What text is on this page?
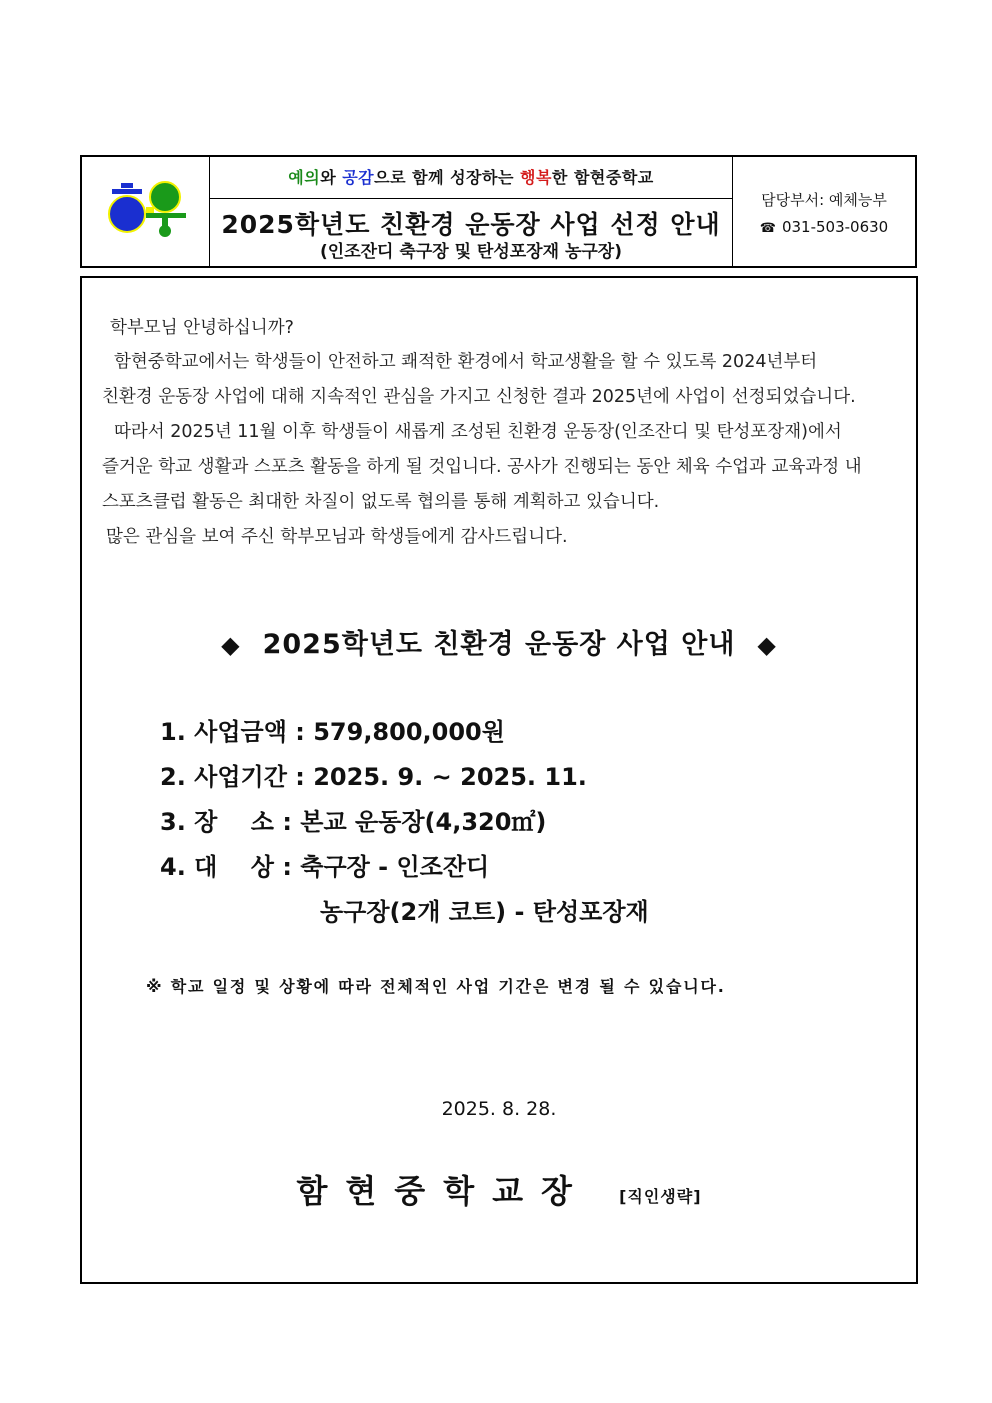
예의와 공감으로 함께 성장하는 행복한 함현중학교
2025학년도 친환경 운동장 사업 선정 안내
(인조잔디 축구장 및 탄성포장재 농구장)
담당부서: 예체능부
☎ 031-503-0630
학부모님 안녕하십니까?
함현중학교에서는 학생들이 안전하고 쾌적한 환경에서 학교생활을 할 수 있도록 2024년부터
친환경 운동장 사업에 대해 지속적인 관심을 가지고 신청한 결과 2025년에 사업이 선정되었습니다.
따라서 2025년 11월 이후 학생들이 새롭게 조성된 친환경 운동장(인조잔디 및 탄성포장재)에서
즐거운 학교 생활과 스포츠 활동을 하게 될 것입니다. 공사가 진행되는 동안 체육 수업과 교육과정 내
스포츠클럽 활동은 최대한 차질이 없도록 협의를 통해 계획하고 있습니다.
많은 관심을 보여 주신 학부모님과 학생들에게 감사드립니다.
◆ 2025학년도 친환경 운동장 사업 안내 ◆
1. 사업금액 : 579,800,000원
2. 사업기간 : 2025. 9. ~ 2025. 11.
3. 장    소 : 본교 운동장(4,320㎡)
4. 대    상 : 축구장 - 인조잔디
농구장(2개 코트) - 탄성포장재
※ 학교 일정 및 상황에 따라 전체적인 사업 기간은 변경 될 수 있습니다.
2025. 8. 28.
함현중학교장 [직인생략]
